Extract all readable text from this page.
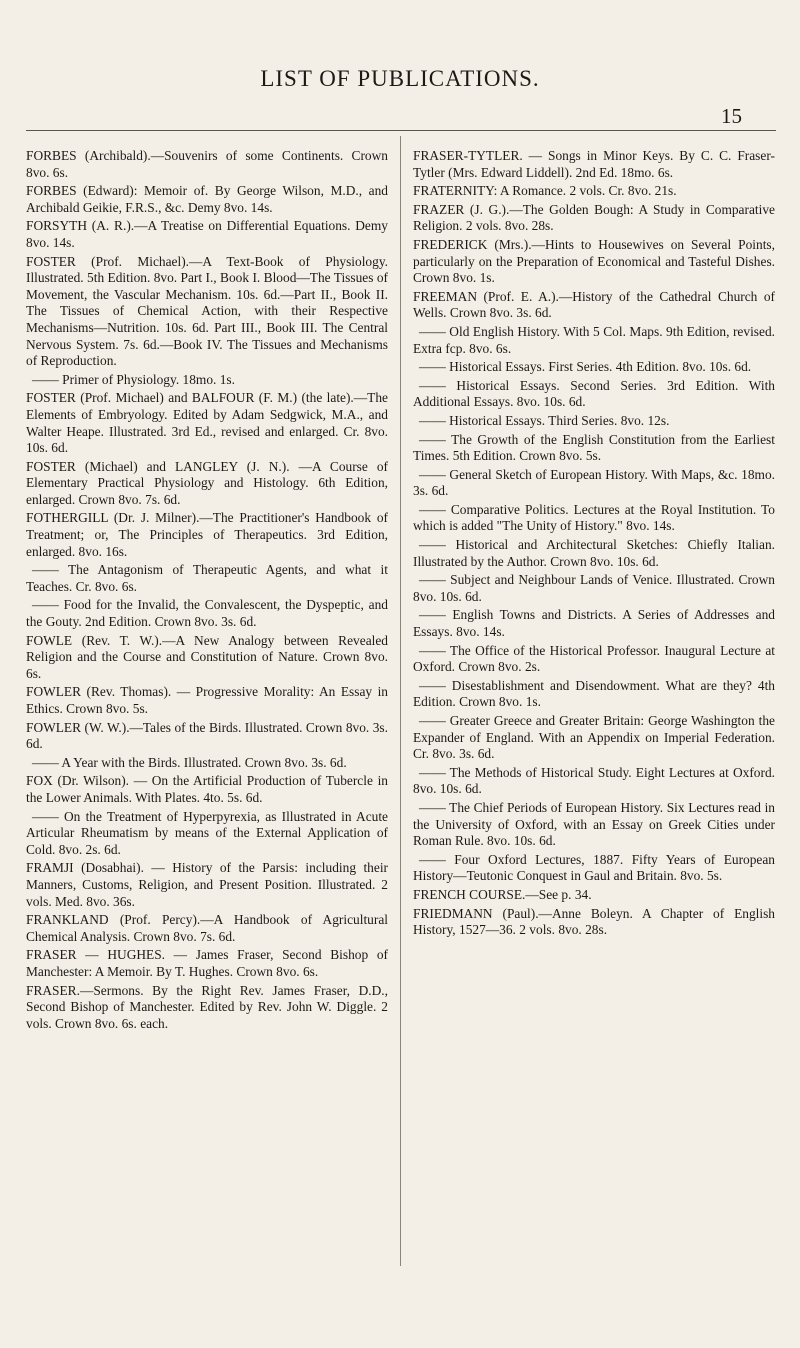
LIST OF PUBLICATIONS.
15

FORBES (Archibald).—Souvenirs of some Continents. Crown 8vo. 6s.

FORBES (Edward): Memoir of. By George Wilson, M.D., and Archibald Geikie, F.R.S., &c. Demy 8vo. 14s.

FORSYTH (A. R.).—A Treatise on Differential Equations. Demy 8vo. 14s.

FOSTER (Prof. Michael).—A Text-Book of Physiology. Illustrated. 5th Edition. 8vo. Part I., Book I. Blood—The Tissues of Movement, the Vascular Mechanism. 10s. 6d.—Part II., Book II. The Tissues of Chemical Action, with their Respective Mechanisms—Nutrition. 10s. 6d. Part III., Book III. The Central Nervous System. 7s. 6d.—Book IV. The Tissues and Mechanisms of Reproduction.

—— Primer of Physiology. 18mo. 1s.

FOSTER (Prof. Michael) and BALFOUR (F. M.) (the late).—The Elements of Embryology. Edited by Adam Sedgwick, M.A., and Walter Heape. Illustrated. 3rd Ed., revised and enlarged. Cr. 8vo. 10s. 6d.

FOSTER (Michael) and LANGLEY (J. N.). —A Course of Elementary Practical Physiology and Histology. 6th Edition, enlarged. Crown 8vo. 7s. 6d.

FOTHERGILL (Dr. J. Milner).—The Practitioner's Handbook of Treatment; or, The Principles of Therapeutics. 3rd Edition, enlarged. 8vo. 16s.

—— The Antagonism of Therapeutic Agents, and what it Teaches. Cr. 8vo. 6s.

—— Food for the Invalid, the Convalescent, the Dyspeptic, and the Gouty. 2nd Edition. Crown 8vo. 3s. 6d.

FOWLE (Rev. T. W.).—A New Analogy between Revealed Religion and the Course and Constitution of Nature. Crown 8vo. 6s.

FOWLER (Rev. Thomas). — Progressive Morality: An Essay in Ethics. Crown 8vo. 5s.

FOWLER (W. W.).—Tales of the Birds. Illustrated. Crown 8vo. 3s. 6d.

—— A Year with the Birds. Illustrated. Crown 8vo. 3s. 6d.

FOX (Dr. Wilson). — On the Artificial Production of Tubercle in the Lower Animals. With Plates. 4to. 5s. 6d.

—— On the Treatment of Hyperpyrexia, as Illustrated in Acute Articular Rheumatism by means of the External Application of Cold. 8vo. 2s. 6d.

FRAMJI (Dosabhai). — History of the Parsis: including their Manners, Customs, Religion, and Present Position. Illustrated. 2 vols. Med. 8vo. 36s.

FRANKLAND (Prof. Percy).—A Handbook of Agricultural Chemical Analysis. Crown 8vo. 7s. 6d.

FRASER — HUGHES. — James Fraser, Second Bishop of Manchester: A Memoir. By T. Hughes. Crown 8vo. 6s.

FRASER.—Sermons. By the Right Rev. James Fraser, D.D., Second Bishop of Manchester. Edited by Rev. John W. Diggle. 2 vols. Crown 8vo. 6s. each.

FRASER-TYTLER. — Songs in Minor Keys. By C. C. Fraser-Tytler (Mrs. Edward Liddell). 2nd Ed. 18mo. 6s.

FRATERNITY: A Romance. 2 vols. Cr. 8vo. 21s.

FRAZER (J. G.).—The Golden Bough: A Study in Comparative Religion. 2 vols. 8vo. 28s.

FREDERICK (Mrs.).—Hints to Housewives on Several Points, particularly on the Preparation of Economical and Tasteful Dishes. Crown 8vo. 1s.

FREEMAN (Prof. E. A.).—History of the Cathedral Church of Wells. Crown 8vo. 3s. 6d.

—— Old English History. With 5 Col. Maps. 9th Edition, revised. Extra fcp. 8vo. 6s.

—— Historical Essays. First Series. 4th Edition. 8vo. 10s. 6d.

—— Historical Essays. Second Series. 3rd Edition. With Additional Essays. 8vo. 10s. 6d.

—— Historical Essays. Third Series. 8vo. 12s.

—— The Growth of the English Constitution from the Earliest Times. 5th Edition. Crown 8vo. 5s.

—— General Sketch of European History. With Maps, &c. 18mo. 3s. 6d.

—— Comparative Politics. Lectures at the Royal Institution. To which is added "The Unity of History." 8vo. 14s.

—— Historical and Architectural Sketches: Chiefly Italian. Illustrated by the Author. Crown 8vo. 10s. 6d.

—— Subject and Neighbour Lands of Venice. Illustrated. Crown 8vo. 10s. 6d.

—— English Towns and Districts. A Series of Addresses and Essays. 8vo. 14s.

—— The Office of the Historical Professor. Inaugural Lecture at Oxford. Crown 8vo. 2s.

—— Disestablishment and Disendowment. What are they? 4th Edition. Crown 8vo. 1s.

—— Greater Greece and Greater Britain: George Washington the Expander of England. With an Appendix on Imperial Federation. Cr. 8vo. 3s. 6d.

—— The Methods of Historical Study. Eight Lectures at Oxford. 8vo. 10s. 6d.

—— The Chief Periods of European History. Six Lectures read in the University of Oxford, with an Essay on Greek Cities under Roman Rule. 8vo. 10s. 6d.

—— Four Oxford Lectures, 1887. Fifty Years of European History—Teutonic Conquest in Gaul and Britain. 8vo. 5s.

FRENCH COURSE.—See p. 34.

FRIEDMANN (Paul).—Anne Boleyn. A Chapter of English History, 1527—36. 2 vols. 8vo. 28s.
